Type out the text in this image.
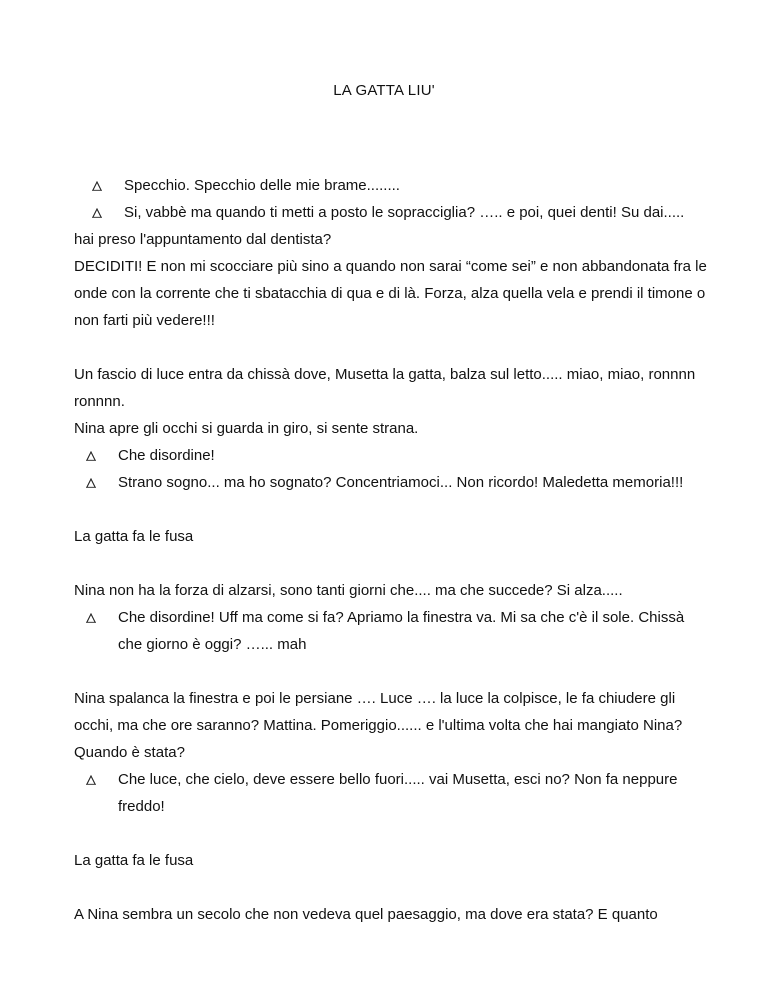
LA GATTA LIU'
Specchio. Specchio delle mie brame........
Si, vabbè ma quando ti metti a posto le sopracciglia? ….. e poi, quei denti! Su dai.....

hai preso l'appuntamento dal dentista?

DECIDITI! E non mi scocciare più sino a quando non sarai “come sei” e non abbandonata fra le onde con la corrente che ti sbatacchia di qua e di là. Forza, alza quella vela e prendi il timone o non farti più vedere!!!

Un fascio di luce entra da chissà dove, Musetta la gatta, balza sul letto..... miao, miao, ronnnn ronnnn.

Nina apre gli occhi si guarda in giro, si sente strana.

Che disordine!
Strano sogno... ma ho sognato? Concentriamoci... Non ricordo! Maledetta memoria!!!

La gatta fa le fusa

Nina non ha la forza di alzarsi, sono tanti giorni che.... ma che succede? Si alza.....

Che disordine! Uff ma come si fa? Apriamo la finestra va. Mi sa che c'è il sole. Chissà che giorno è oggi? …... mah

Nina spalanca la finestra e poi le persiane …. Luce …. la luce la colpisce, le fa chiudere gli occhi, ma che ore saranno? Mattina. Pomeriggio...... e l'ultima volta che hai mangiato Nina? Quando è stata?

Che luce, che cielo, deve essere bello fuori..... vai Musetta, esci no? Non fa neppure freddo!

La gatta fa le fusa

A Nina sembra un secolo che non vedeva quel paesaggio, ma dove era stata? E quanto
